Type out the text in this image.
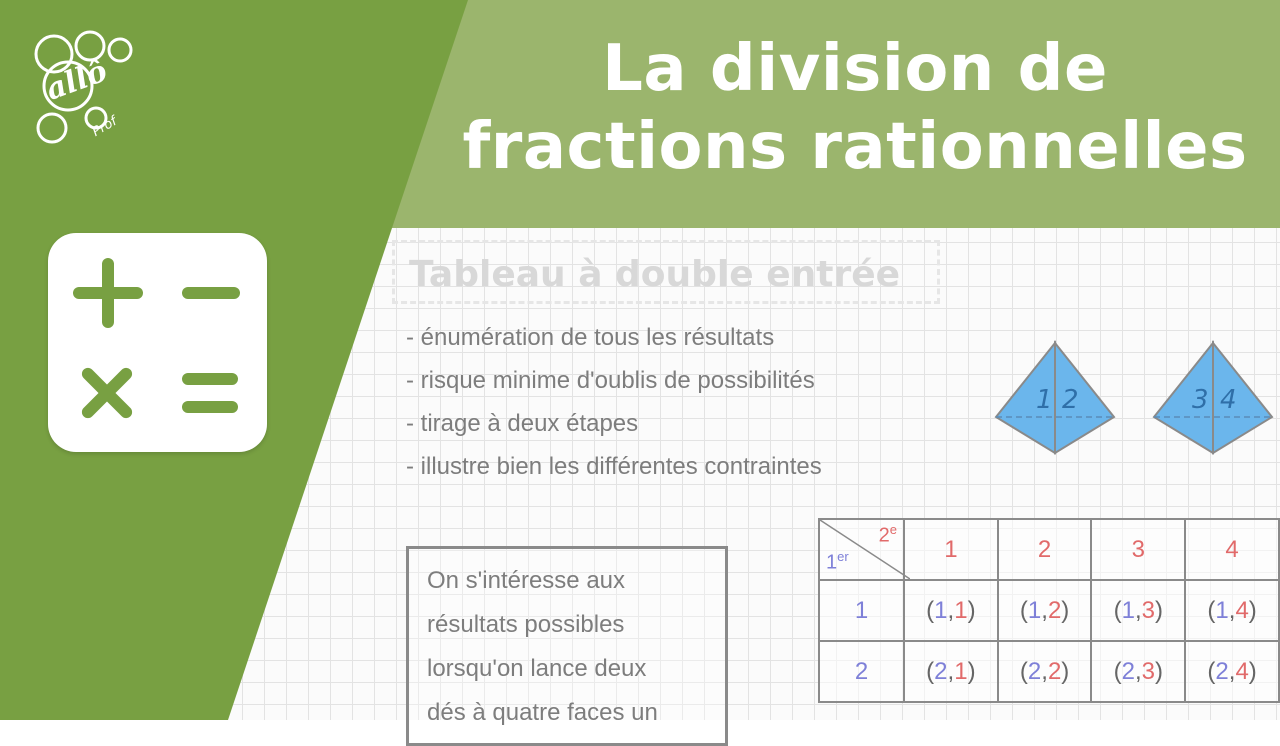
Tableau à double entrée
- énumération de tous les résultats
- risque minime d'oublis de possibilités
- tirage à deux étapes
- illustre bien les différentes contraintes
1 2	3 4

On s'intéresse aux

résultats possibles

lorsqu'on lance deux

dés à quatre faces un

2e
1er	1	2	3	4
1	(1,1)	(1,2)	(1,3)	(1,4)
2	(2,1)	(2,2)	(2,3)	(2,4)
La division de
fractions rationnelles
allô
Prof
